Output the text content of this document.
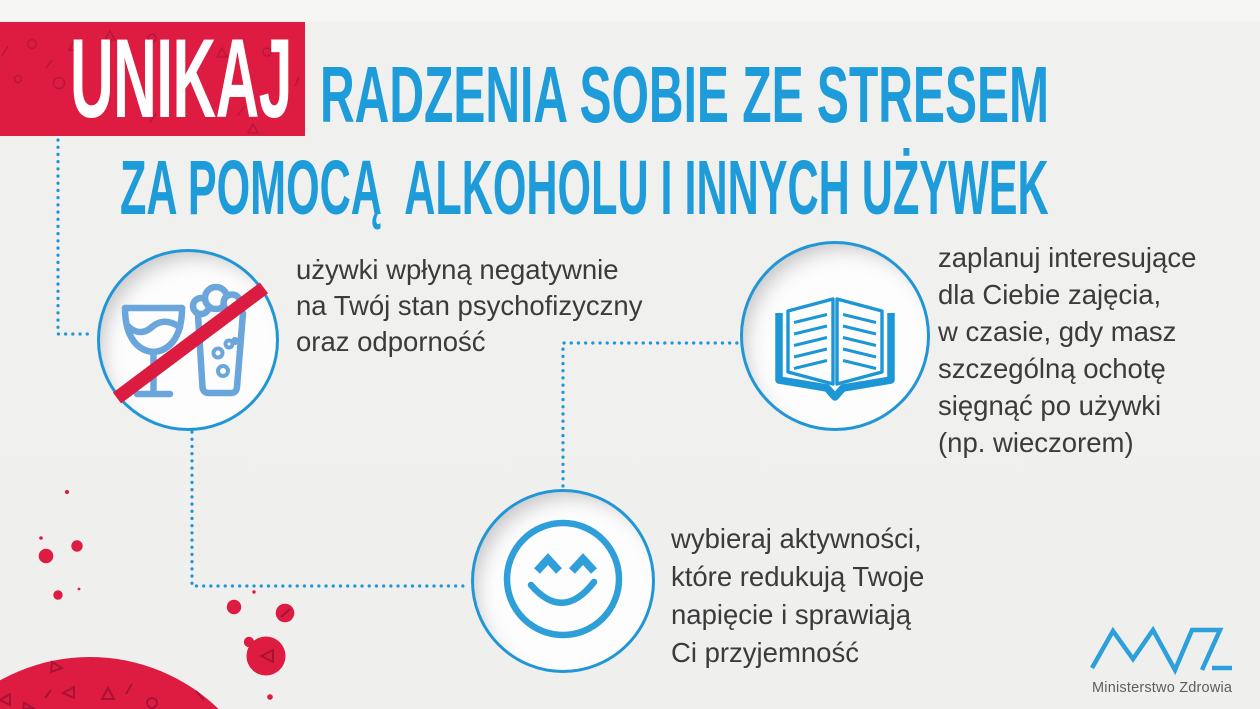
UNIKAJ RADZENIA SOBIE ZE STRESEM
ZA POMOCĄ  ALKOHOLU I INNYCH UŻYWEK
używki wpłyną negatywnie
na Twój stan psychofizyczny
oraz odporność
zaplanuj interesujące
dla Ciebie zajęcia,
w czasie, gdy masz
szczególną ochotę
sięgnąć po używki
(np. wieczorem)
wybieraj aktywności,
które redukują Twoje
napięcie i sprawiają
Ci przyjemność
Ministerstwo Zdrowia
